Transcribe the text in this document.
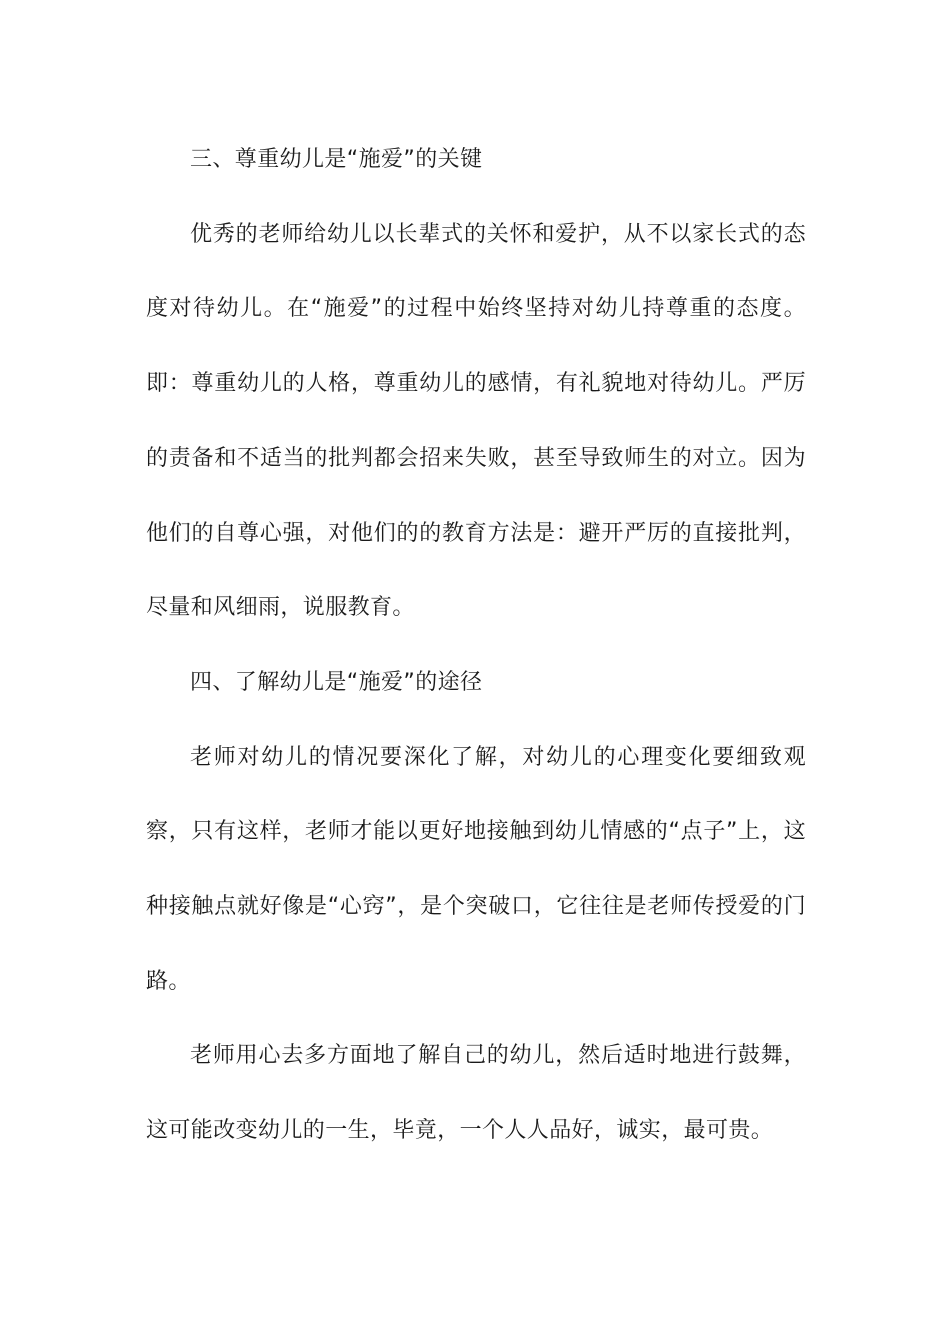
三、尊重幼儿是“施爱”的关键

优秀的老师给幼儿以长辈式的关怀和爱护，从不以家长式的态度对待幼儿。在“施爱”的过程中始终坚持对幼儿持尊重的态度。即：尊重幼儿的人格，尊重幼儿的感情，有礼貌地对待幼儿。严厉的责备和不适当的批判都会招来失败，甚至导致师生的对立。因为他们的自尊心强，对他们的的教育方法是：避开严厉的直接批判，尽量和风细雨，说服教育。

四、了解幼儿是“施爱”的途径

老师对幼儿的情况要深化了解，对幼儿的心理变化要细致观察，只有这样，老师才能以更好地接触到幼儿情感的“点子”上，这种接触点就好像是“心窍”，是个突破口，它往往是老师传授爱的门路。

老师用心去多方面地了解自己的幼儿，然后适时地进行鼓舞，这可能改变幼儿的一生，毕竟，一个人人品好，诚实，最可贵。
